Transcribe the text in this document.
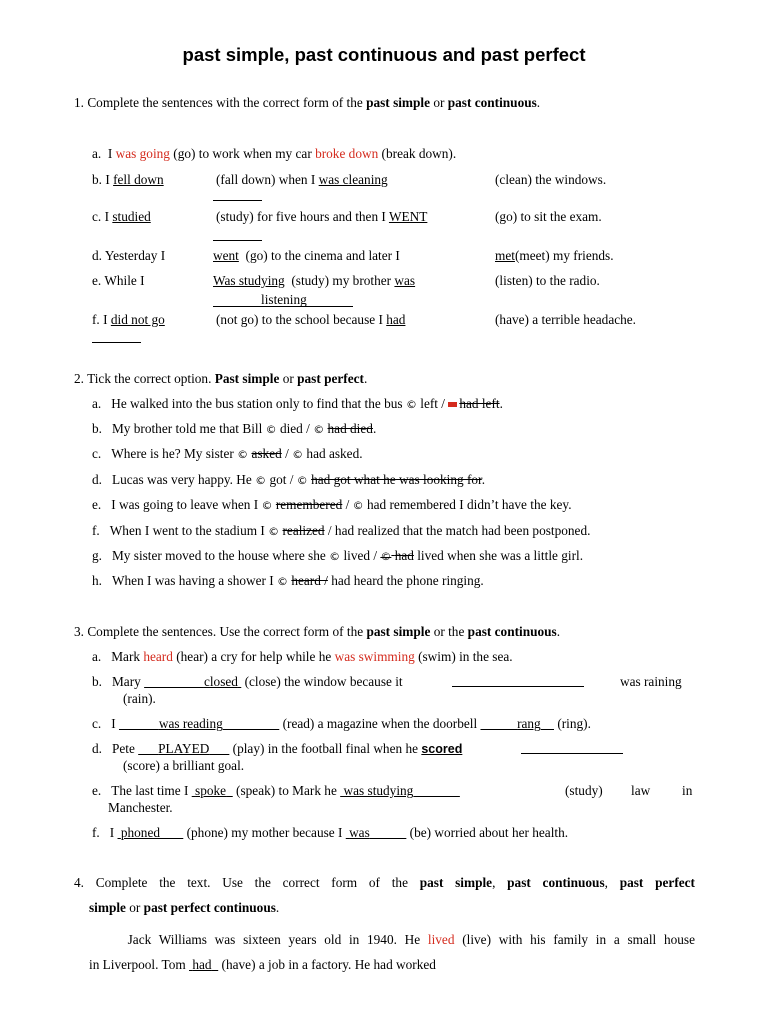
past simple, past continuous and past perfect
1. Complete the sentences with the correct form of the past simple or past continuous.
a. I was going (go) to work when my car broke down (break down).
b. I fell down	(fall down) when I was cleaning	(clean) the windows.
c. I studied	(study) for five hours and then I WENT	(go) to sit the exam.
d. Yesterday I	went (go) to the cinema and later I	met(meet) my friends.
e. While I	Was studying (study) my brother was	(listen) to the radio.
listening
f. I did not go	(not go) to the school because I had	(have) a terrible headache.
2. Tick the correct option. Past simple or past perfect.
a. He walked into the bus station only to find that the bus © left / had left.
b. My brother told me that Bill © died / © had died.
c. Where is he? My sister © asked / © had asked.
d. Lucas was very happy. He © got / © had got what he was looking for.
e. I was going to leave when I © remembered / © had remembered I didn’t have the key.
f. When I went to the stadium I © realized / had realized that the match had been postponed.
g. My sister moved to the house where she © lived / © had lived when she was a little girl.
h. When I was having a shower I © heard / had heard the phone ringing.
3. Complete the sentences. Use the correct form of the past simple or the past continuous.
a. Mark heard (hear) a cry for help while he was swimming (swim) in the sea.
b. Mary	closed  (close) the window because it	was raining
(rain).
c. I	was reading	(read) a magazine when the doorbell	rang     (ring).
d. Pete       PLAYED       (play) in the football final when he scored
(score) a brilliant goal.
e. The last time I  spoke   (speak) to Mark he  was studying	(study) law in
Manchester.
f. I  phoned        (phone) my mother because I  was	(be) worried about her health.
4. Complete the text. Use the correct form of the past simple, past continuous, past perfect
simple or past perfect continuous.
Jack Williams was sixteen years old in 1940. He lived (live) with his family in a small house
in Liverpool. Tom  had   (have) a job in a factory. He had worked
